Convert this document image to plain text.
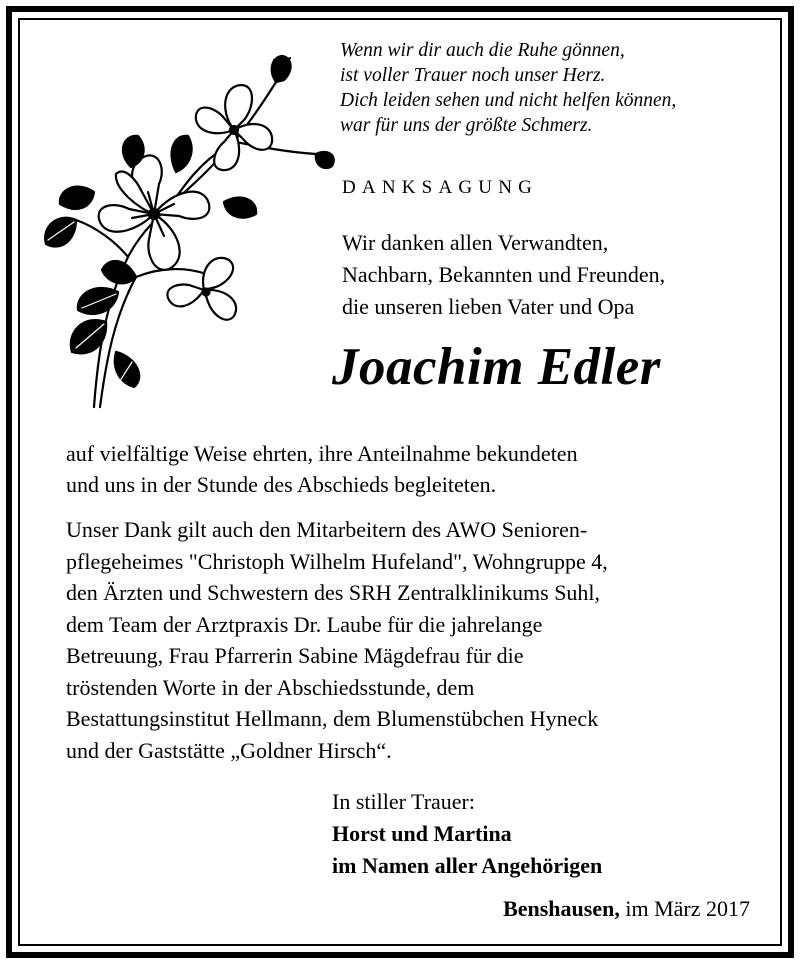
Wenn wir dir auch die Ruhe gönnen,
ist voller Trauer noch unser Herz.
Dich leiden sehen und nicht helfen können,
war für uns der größte Schmerz.
DANKSAGUNG
Wir danken allen Verwandten,
Nachbarn, Bekannten und Freunden,
die unseren lieben Vater und Opa
Joachim Edler
auf vielfältige Weise ehrten, ihre Anteilnahme bekundeten
und uns in der Stunde des Abschieds begleiteten.
Unser Dank gilt auch den Mitarbeitern des AWO Senioren-
pflegeheimes "Christoph Wilhelm Hufeland", Wohngruppe 4,
den Ärzten und Schwestern des SRH Zentralklinikums Suhl,
dem Team der Arztpraxis Dr. Laube für die jahrelange
Betreuung, Frau Pfarrerin Sabine Mägdefrau für die
tröstenden Worte in der Abschiedsstunde, dem
Bestattungsinstitut Hellmann, dem Blumenstübchen Hyneck
und der Gaststätte „Goldner Hirsch“.
In stiller Trauer:
Horst und Martina
im Namen aller Angehörigen
Benshausen, im März 2017
